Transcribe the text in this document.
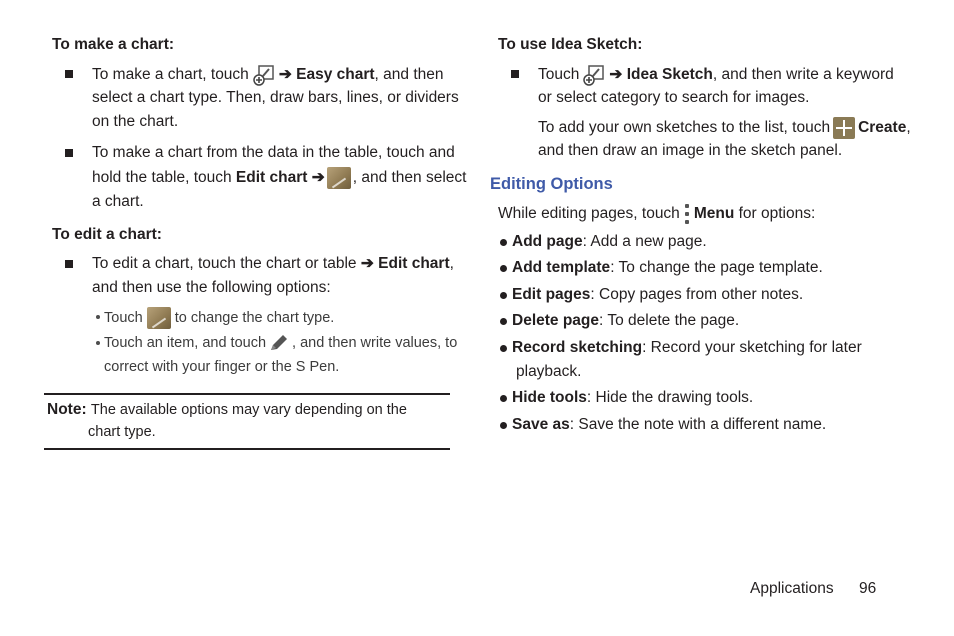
To make a chart:
To make a chart, touch ➔ Easy chart, and then
select a chart type. Then, draw bars, lines, or dividers
on the chart.
To make a chart from the data in the table, touch and
hold the table, touch Edit chart ➔ , and then select
a chart.
To edit a chart:
To edit a chart, touch the chart or table ➔ Edit chart,
and then use the following options:
Touch to change the chart type.
Touch an item, and touch , and then write values, to
correct with your finger or the S Pen.
Note: The available options may vary depending on the
chart type.
To use Idea Sketch:
Touch ➔ Idea Sketch, and then write a keyword
or select category to search for images.
To add your own sketches to the list, touch Create,
and then draw an image in the sketch panel.
Editing Options
While editing pages, touch Menu for options:
Add page: Add a new page.
Add template: To change the page template.
Edit pages: Copy pages from other notes.
Delete page: To delete the page.
Record sketching: Record your sketching for later
playback.
Hide tools: Hide the drawing tools.
Save as: Save the note with a different name.
Applications 96
